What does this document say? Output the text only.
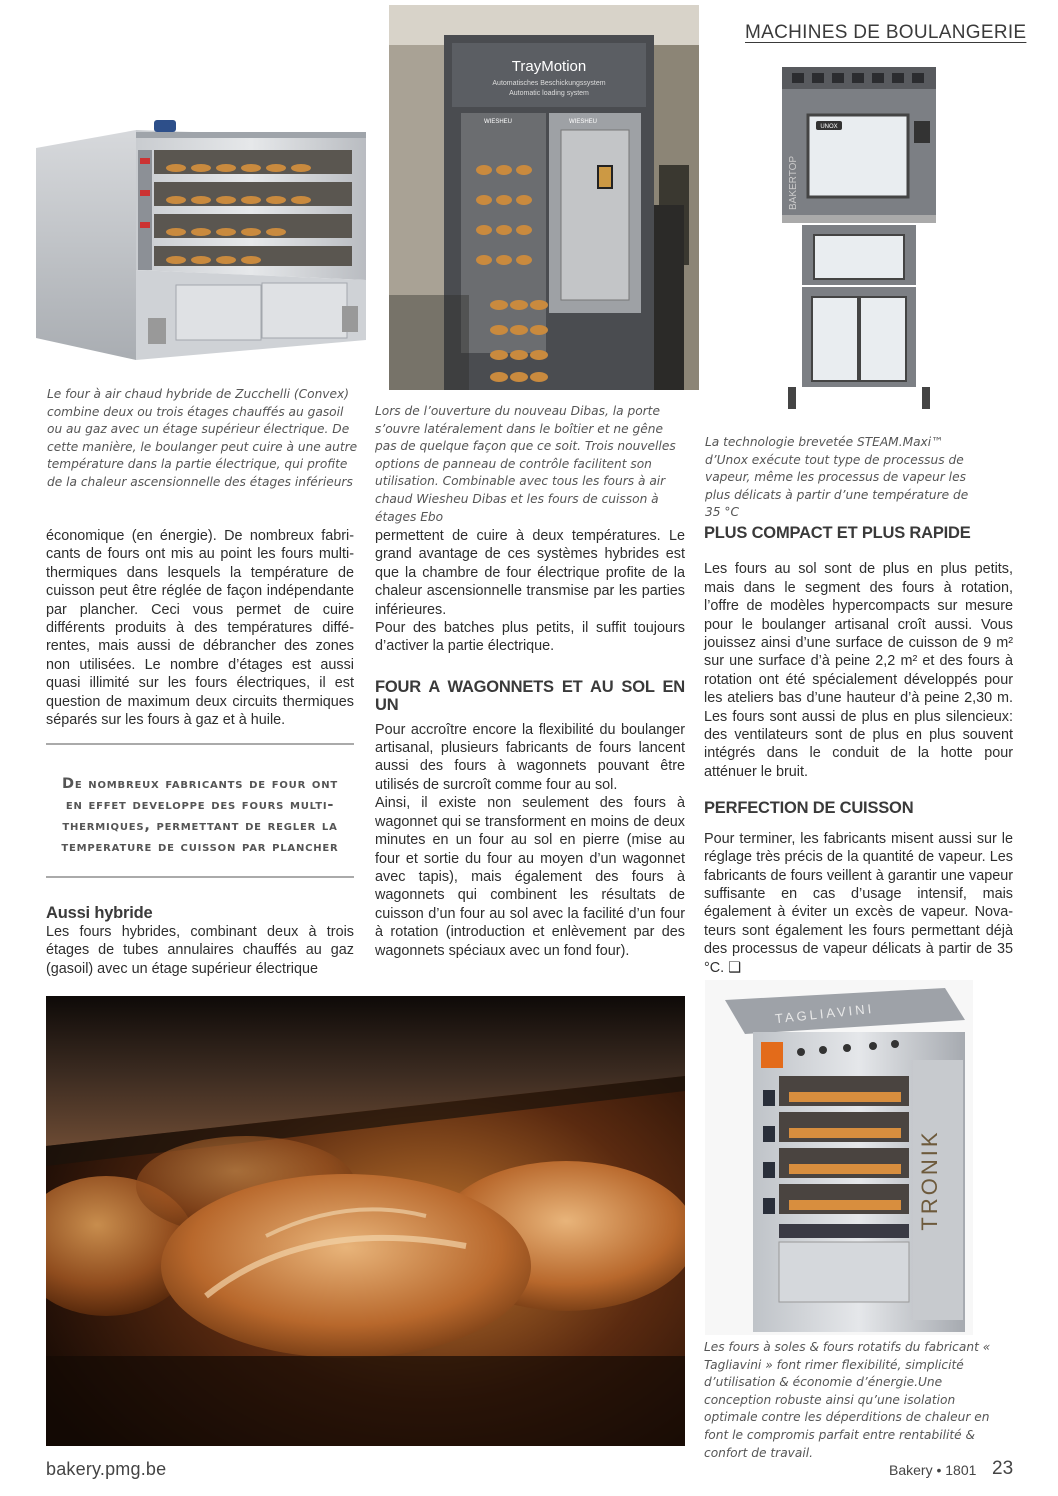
MACHINES DE BOULANGERIE
TrayMotion
Automatisches Beschickungssystem
Automatic loading system
WIESHEU	WIESHEU
UNOX
BAKERTOP
Le four à air chaud hybride de Zucchelli (Convex) combine deux ou trois étages chauffés au gasoil ou au gaz avec un étage supérieur électrique. De cette manière, le boulanger peut cuire à une autre température dans la partie électrique, qui profite de la chaleur ascensionnelle des étages inférieurs
Lors de l’ouverture du nouveau Dibas, la porte s’ouvre latéralement dans le boîtier et ne gêne pas de quelque façon que ce soit. Trois nouvelles options de panneau de contrôle facilitent son utilisation. Combinable avec tous les fours à air chaud Wiesheu Dibas et les fours de cuisson à étages Ebo
La technologie brevetée STEAM.Maxi™ d’Unox exécute tout type de processus de vapeur, même les processus de vapeur les plus délicats à partir d’une température de 35 °C

économique (en énergie). De nombreux fabricants de fours ont mis au point les fours multithermiques dans lesquels la température de cuisson peut être réglée de façon indépendante par plancher. Ceci vous permet de cuire différents produits à des températures différentes, mais aussi de débrancher des zones non utilisées. Le nombre d’étages est aussi quasi illimité sur les fours électriques, il est question de maximum deux circuits thermiques séparés sur les fours à gaz et à huile.

De nombreux fabricants de four ont en effet developpe des fours multi-thermiques, permettant de regler la temperature de cuisson par plancher
Aussi hybride

Les fours hybrides, combinant deux à trois étages de tubes annulaires chauffés au gaz (gasoil) avec un étage supérieur électrique

permettent de cuire à deux températures. Le grand avantage de ces systèmes hybrides est que la chambre de four électrique profite de la chaleur ascensionnelle transmise par les parties inférieures.

Pour des batches plus petits, il suffit toujours d’activer la partie électrique.

FOUR A WAGONNETS ET AU SOL EN UN

Pour accroître encore la flexibilité du boulanger artisanal, plusieurs fabricants de fours lancent aussi des fours à wagonnets pouvant être utilisés de surcroît comme four au sol.

Ainsi, il existe non seulement des fours à wagonnet qui se transforment en moins de deux minutes en un four au sol en pierre (mise au four et sortie du four au moyen d’un wagonnet avec tapis), mais également des fours à wagonnets qui combinent les résultats de cuisson d’un four au sol avec la facilité d’un four à rotation (introduction et enlèvement par des wagonnets spéciaux avec un fond four).

PLUS COMPACT ET PLUS RAPIDE

Les fours au sol sont de plus en plus petits, mais dans le segment des fours à rotation, l’offre de modèles hypercompacts sur mesure pour le boulanger artisanal croît aussi. Vous jouissez ainsi d’une surface de cuisson de 9 m² sur une surface d’à peine 2,2 m² et des fours à rotation ont été spécialement développés pour les ateliers bas d’une hauteur d’à peine 2,30 m. Les fours sont aussi de plus en plus silencieux: des ventilateurs sont de plus en plus souvent intégrés dans le conduit de la hotte pour atténuer le bruit.

PERFECTION DE CUISSON

Pour terminer, les fabricants misent aussi sur le réglage très précis de la quantité de vapeur. Les fabricants de fours veillent à garantir une vapeur suffisante en cas d’usage intensif, mais également à éviter un excès de vapeur. Novateurs sont également les fours permettant déjà des processus de vapeur délicats à partir de 35 °C. ❑

TAGLIAVINI
TRONIK
Les fours à soles & fours rotatifs du fabricant « Tagliavini » font rimer flexibilité, simplicité d’utilisation & économie d’énergie.Une conception robuste ainsi qu’une isolation optimale contre les déperditions de chaleur en font le compromis parfait entre rentabilité & confort de travail.
bakery.pmg.be	Bakery • 1801 23
